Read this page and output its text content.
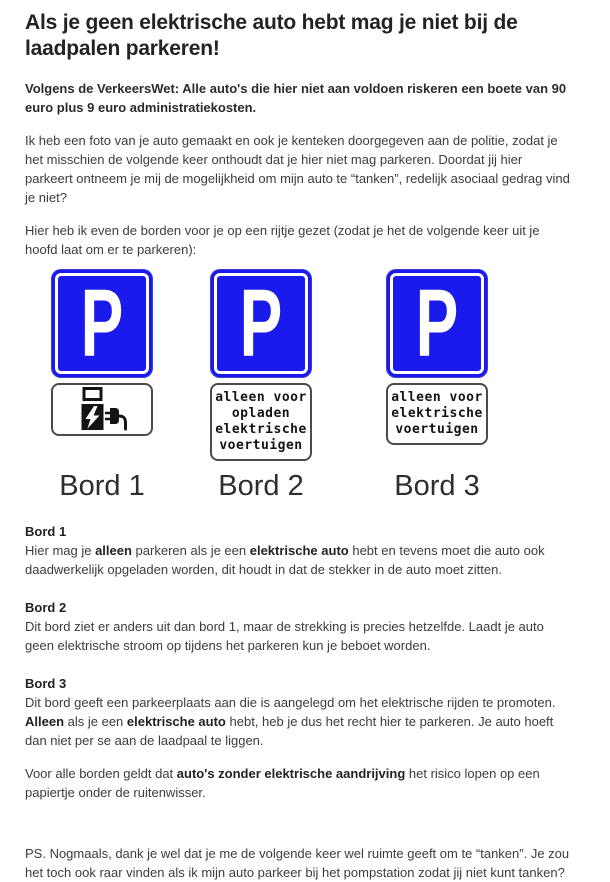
Als je geen elektrische auto hebt mag je niet bij de laadpalen parkeren!

Volgens de VerkeersWet: Alle auto's die hier niet aan voldoen riskeren een boete van 90 euro plus 9 euro administratiekosten.

Ik heb een foto van je auto gemaakt en ook je kenteken doorgegeven aan de politie, zodat je het misschien de volgende keer onthoudt dat je hier niet mag parkeren. Doordat jij hier parkeert ontneem je mij de mogelijkheid om mijn auto te “tanken”, redelijk asociaal gedrag vind je niet?

Hier heb ik even de borden voor je op een rijtje gezet (zodat je het de volgende keer uit je hoofd laat om er te parkeren):

P
Bord 1
P
alleen voor
opladen
elektrische
voertuigen
Bord 2
P
alleen voor
elektrische
voertuigen
Bord 3
Bord 1

Hier mag je alleen parkeren als je een elektrische auto hebt en tevens moet die auto ook daadwerkelijk opgeladen worden, dit houdt in dat de stekker in de auto moet zitten.

Bord 2

Dit bord ziet er anders uit dan bord 1, maar de strekking is precies hetzelfde. Laadt je auto geen elektrische stroom op tijdens het parkeren kun je beboet worden.

Bord 3

Dit bord geeft een parkeerplaats aan die is aangelegd om het elektrische rijden te promoten. Alleen als je een elektrische auto hebt, heb je dus het recht hier te parkeren. Je auto hoeft dan niet per se aan de laadpaal te liggen.

Voor alle borden geldt dat auto's zonder elektrische aandrijving het risico lopen op een papiertje onder de ruitenwisser.

PS. Nogmaals, dank je wel dat je me de volgende keer wel ruimte geeft om te “tanken”. Je zou het toch ook raar vinden als ik mijn auto parkeer bij het pompstation zodat jij niet kunt tanken?
